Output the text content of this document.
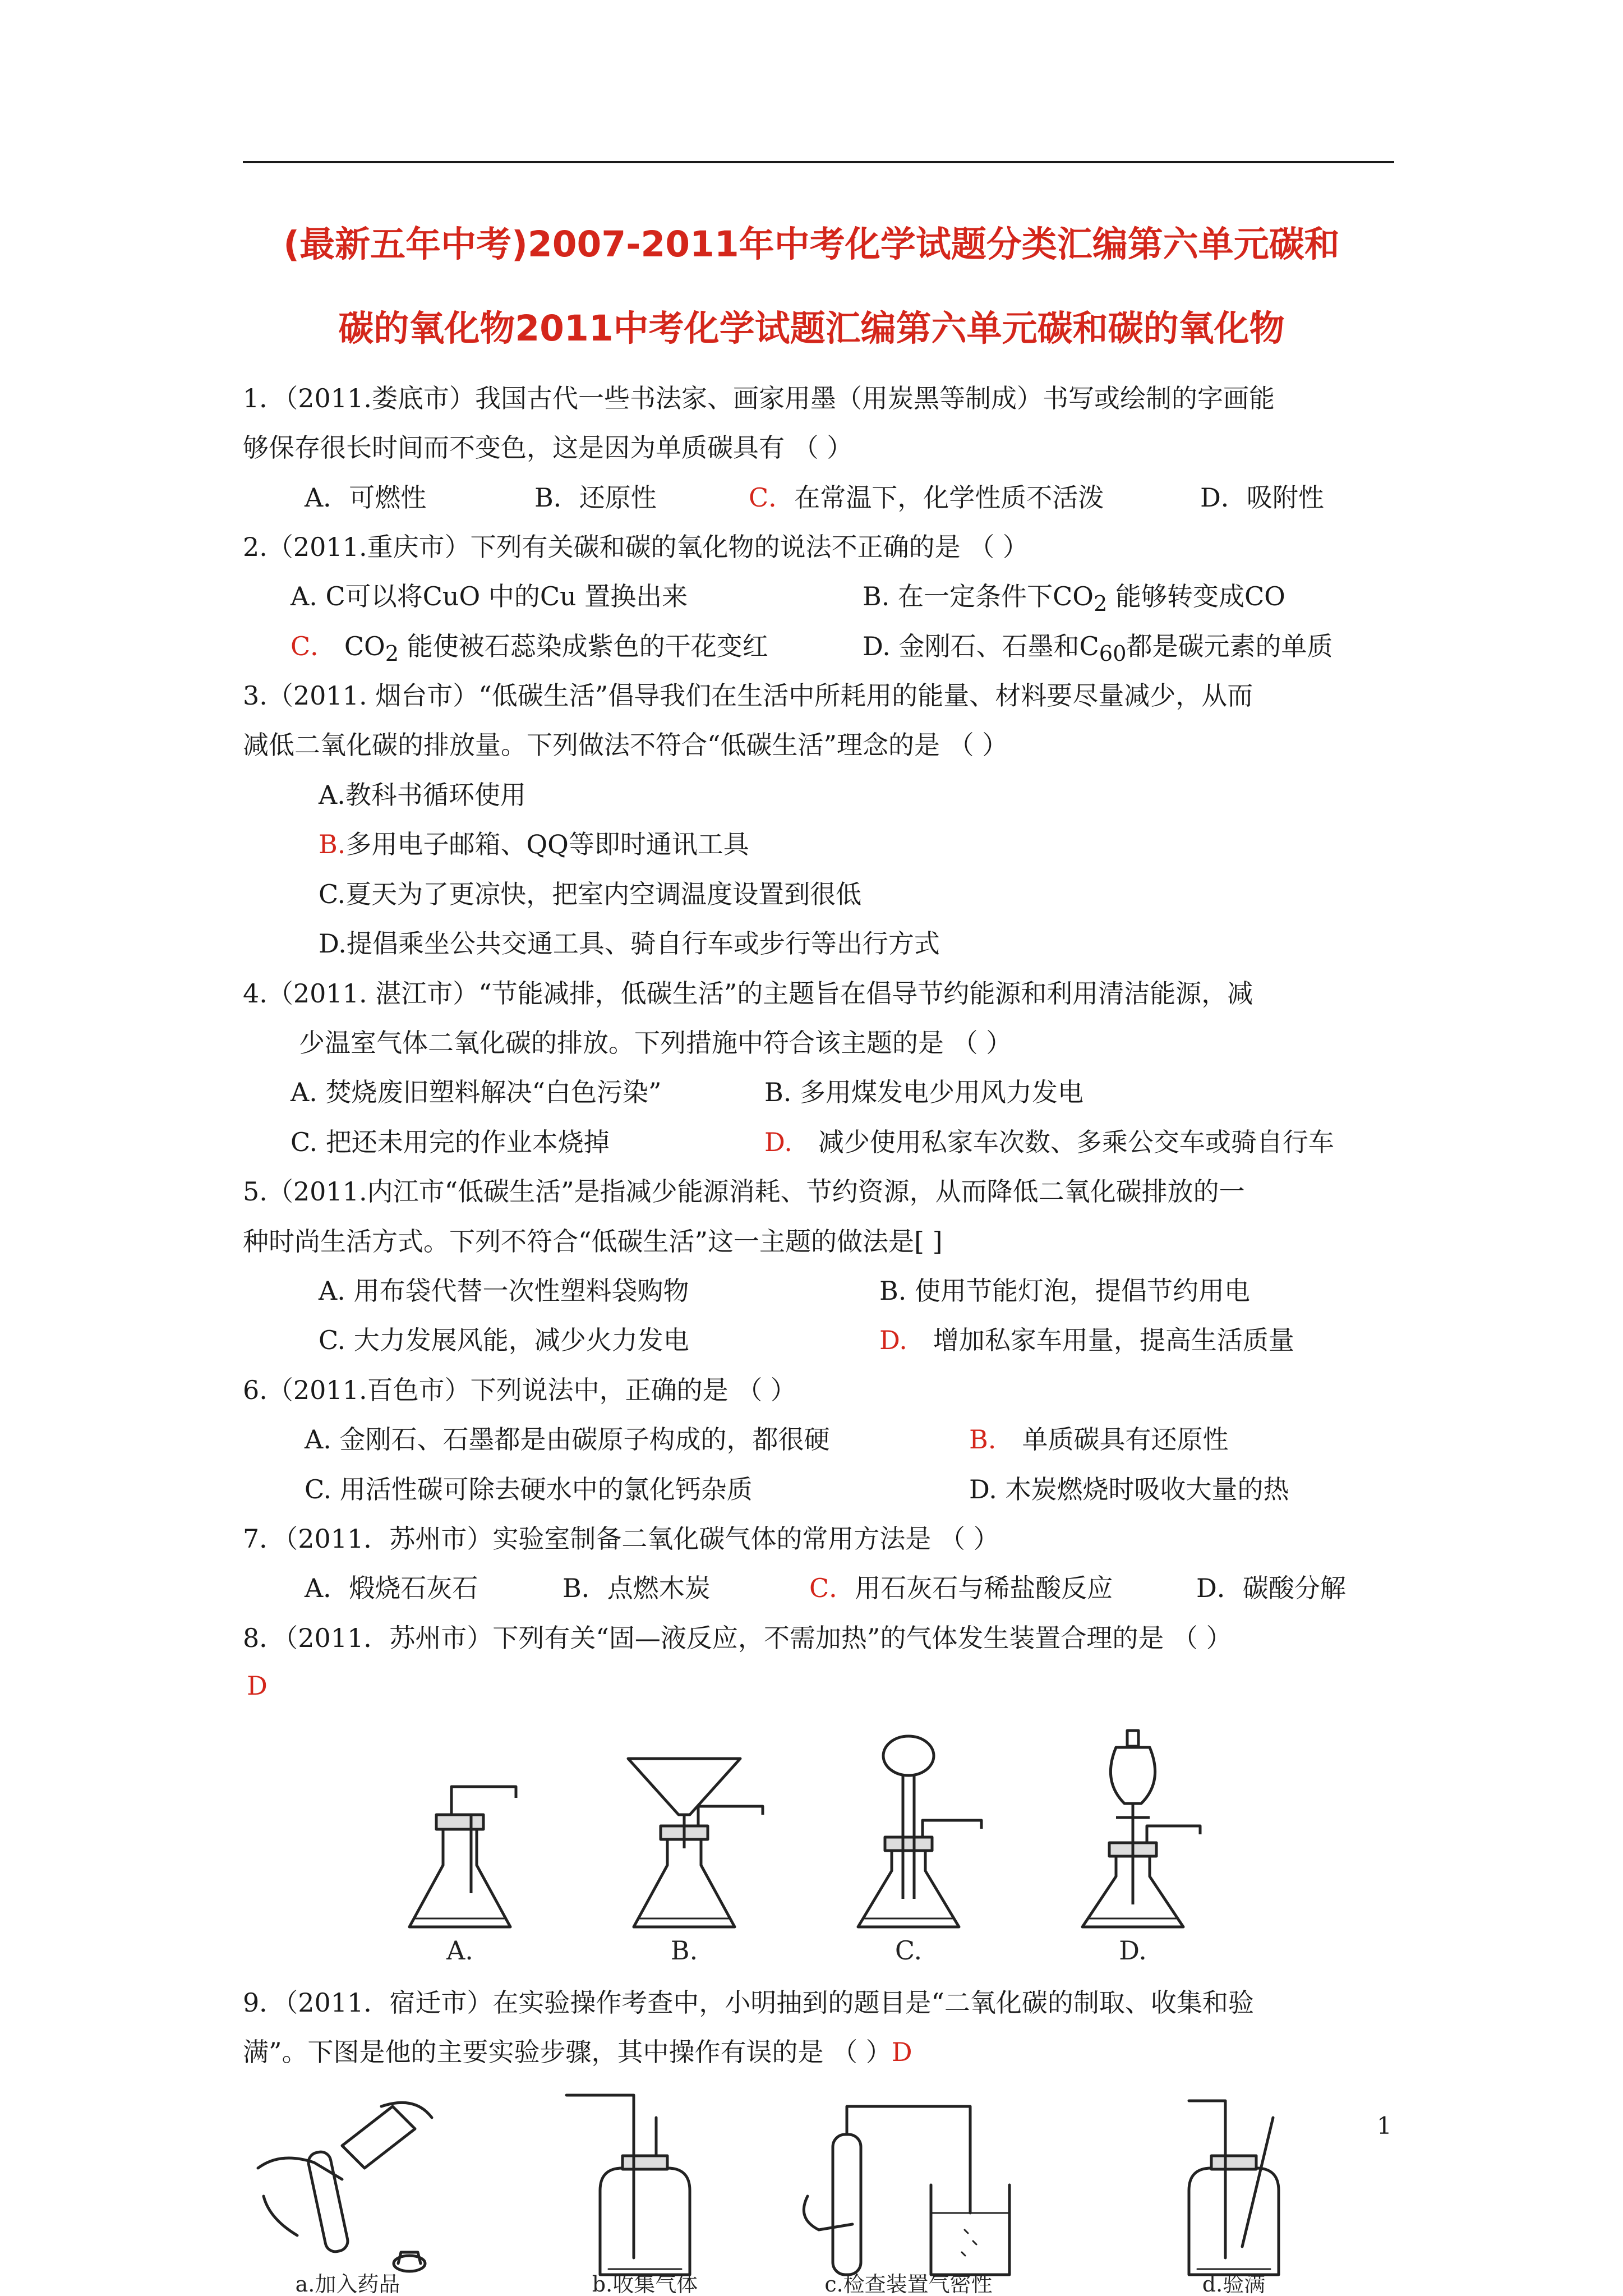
(最新五年中考)2007-2011年中考化学试题分类汇编第六单元碳和
碳的氧化物2011中考化学试题汇编第六单元碳和碳的氧化物
1．（2011.娄底市）我国古代一些书法家、画家用墨（用炭黑等制成）书写或绘制的字画能
够保存很长时间而不变色，这是因为单质碳具有 （ ）
A．可燃性	B．还原性	C．在常温下，化学性质不活泼	D．吸附性
2.（2011.重庆市）下列有关碳和碳的氧化物的说法不正确的是 （ ）
A. C可以将CuO 中的Cu 置换出来	B. 在一定条件下$CO_2$ 能够转变成CO
C． $CO_2$ 能使被石蕊染成紫色的干花变红	D. 金刚石、石墨和$C_{60}$都是碳元素的单质
3.（2011. 烟台市）“低碳生活”倡导我们在生活中所耗用的能量、材料要尽量减少，从而
减低二氧化碳的排放量。下列做法不符合“低碳生活”理念的是 （ ）
A.教科书循环使用
B.多用电子邮箱、QQ等即时通讯工具
C.夏天为了更凉快，把室内空调温度设置到很低
D.提倡乘坐公共交通工具、骑自行车或步行等出行方式
4.（2011. 湛江市）“节能减排，低碳生活”的主题旨在倡导节约能源和利用清洁能源，减
少温室气体二氧化碳的排放。下列措施中符合该主题的是 （ ）
A. 焚烧废旧塑料解决“白色污染”	B. 多用煤发电少用风力发电
C. 把还未用完的作业本烧掉	D.  减少使用私家车次数、多乘公交车或骑自行车
5.（2011.内江市“低碳生活”是指减少能源消耗、节约资源，从而降低二氧化碳排放的一
种时尚生活方式。下列不符合“低碳生活”这一主题的做法是[ ]
A. 用布袋代替一次性塑料袋购物	B. 使用节能灯泡，提倡节约用电
C. 大力发展风能，减少火力发电	D.  增加私家车用量，提高生活质量
6.（2011.百色市）下列说法中，正确的是 （ ）
A. 金刚石、石墨都是由碳原子构成的，都很硬	B.  单质碳具有还原性
C. 用活性碳可除去硬水中的氯化钙杂质	D. 木炭燃烧时吸收大量的热
7．（2011．苏州市）实验室制备二氧化碳气体的常用方法是 （ ）
A．煅烧石灰石	B．点燃木炭	C．用石灰石与稀盐酸反应	D．碳酸分解
8．（2011．苏州市）下列有关“固—液反应，不需加热”的气体发生装置合理的是 （ ）
D
A.	B.	C.	D.
9．（2011．宿迁市）在实验操作考查中，小明抽到的题目是“二氧化碳的制取、收集和验
满”。下图是他的主要实验步骤，其中操作有误的是 （ ）D
a.加入药品	b.收集气体	c.检查装置气密性	d.验满
1
